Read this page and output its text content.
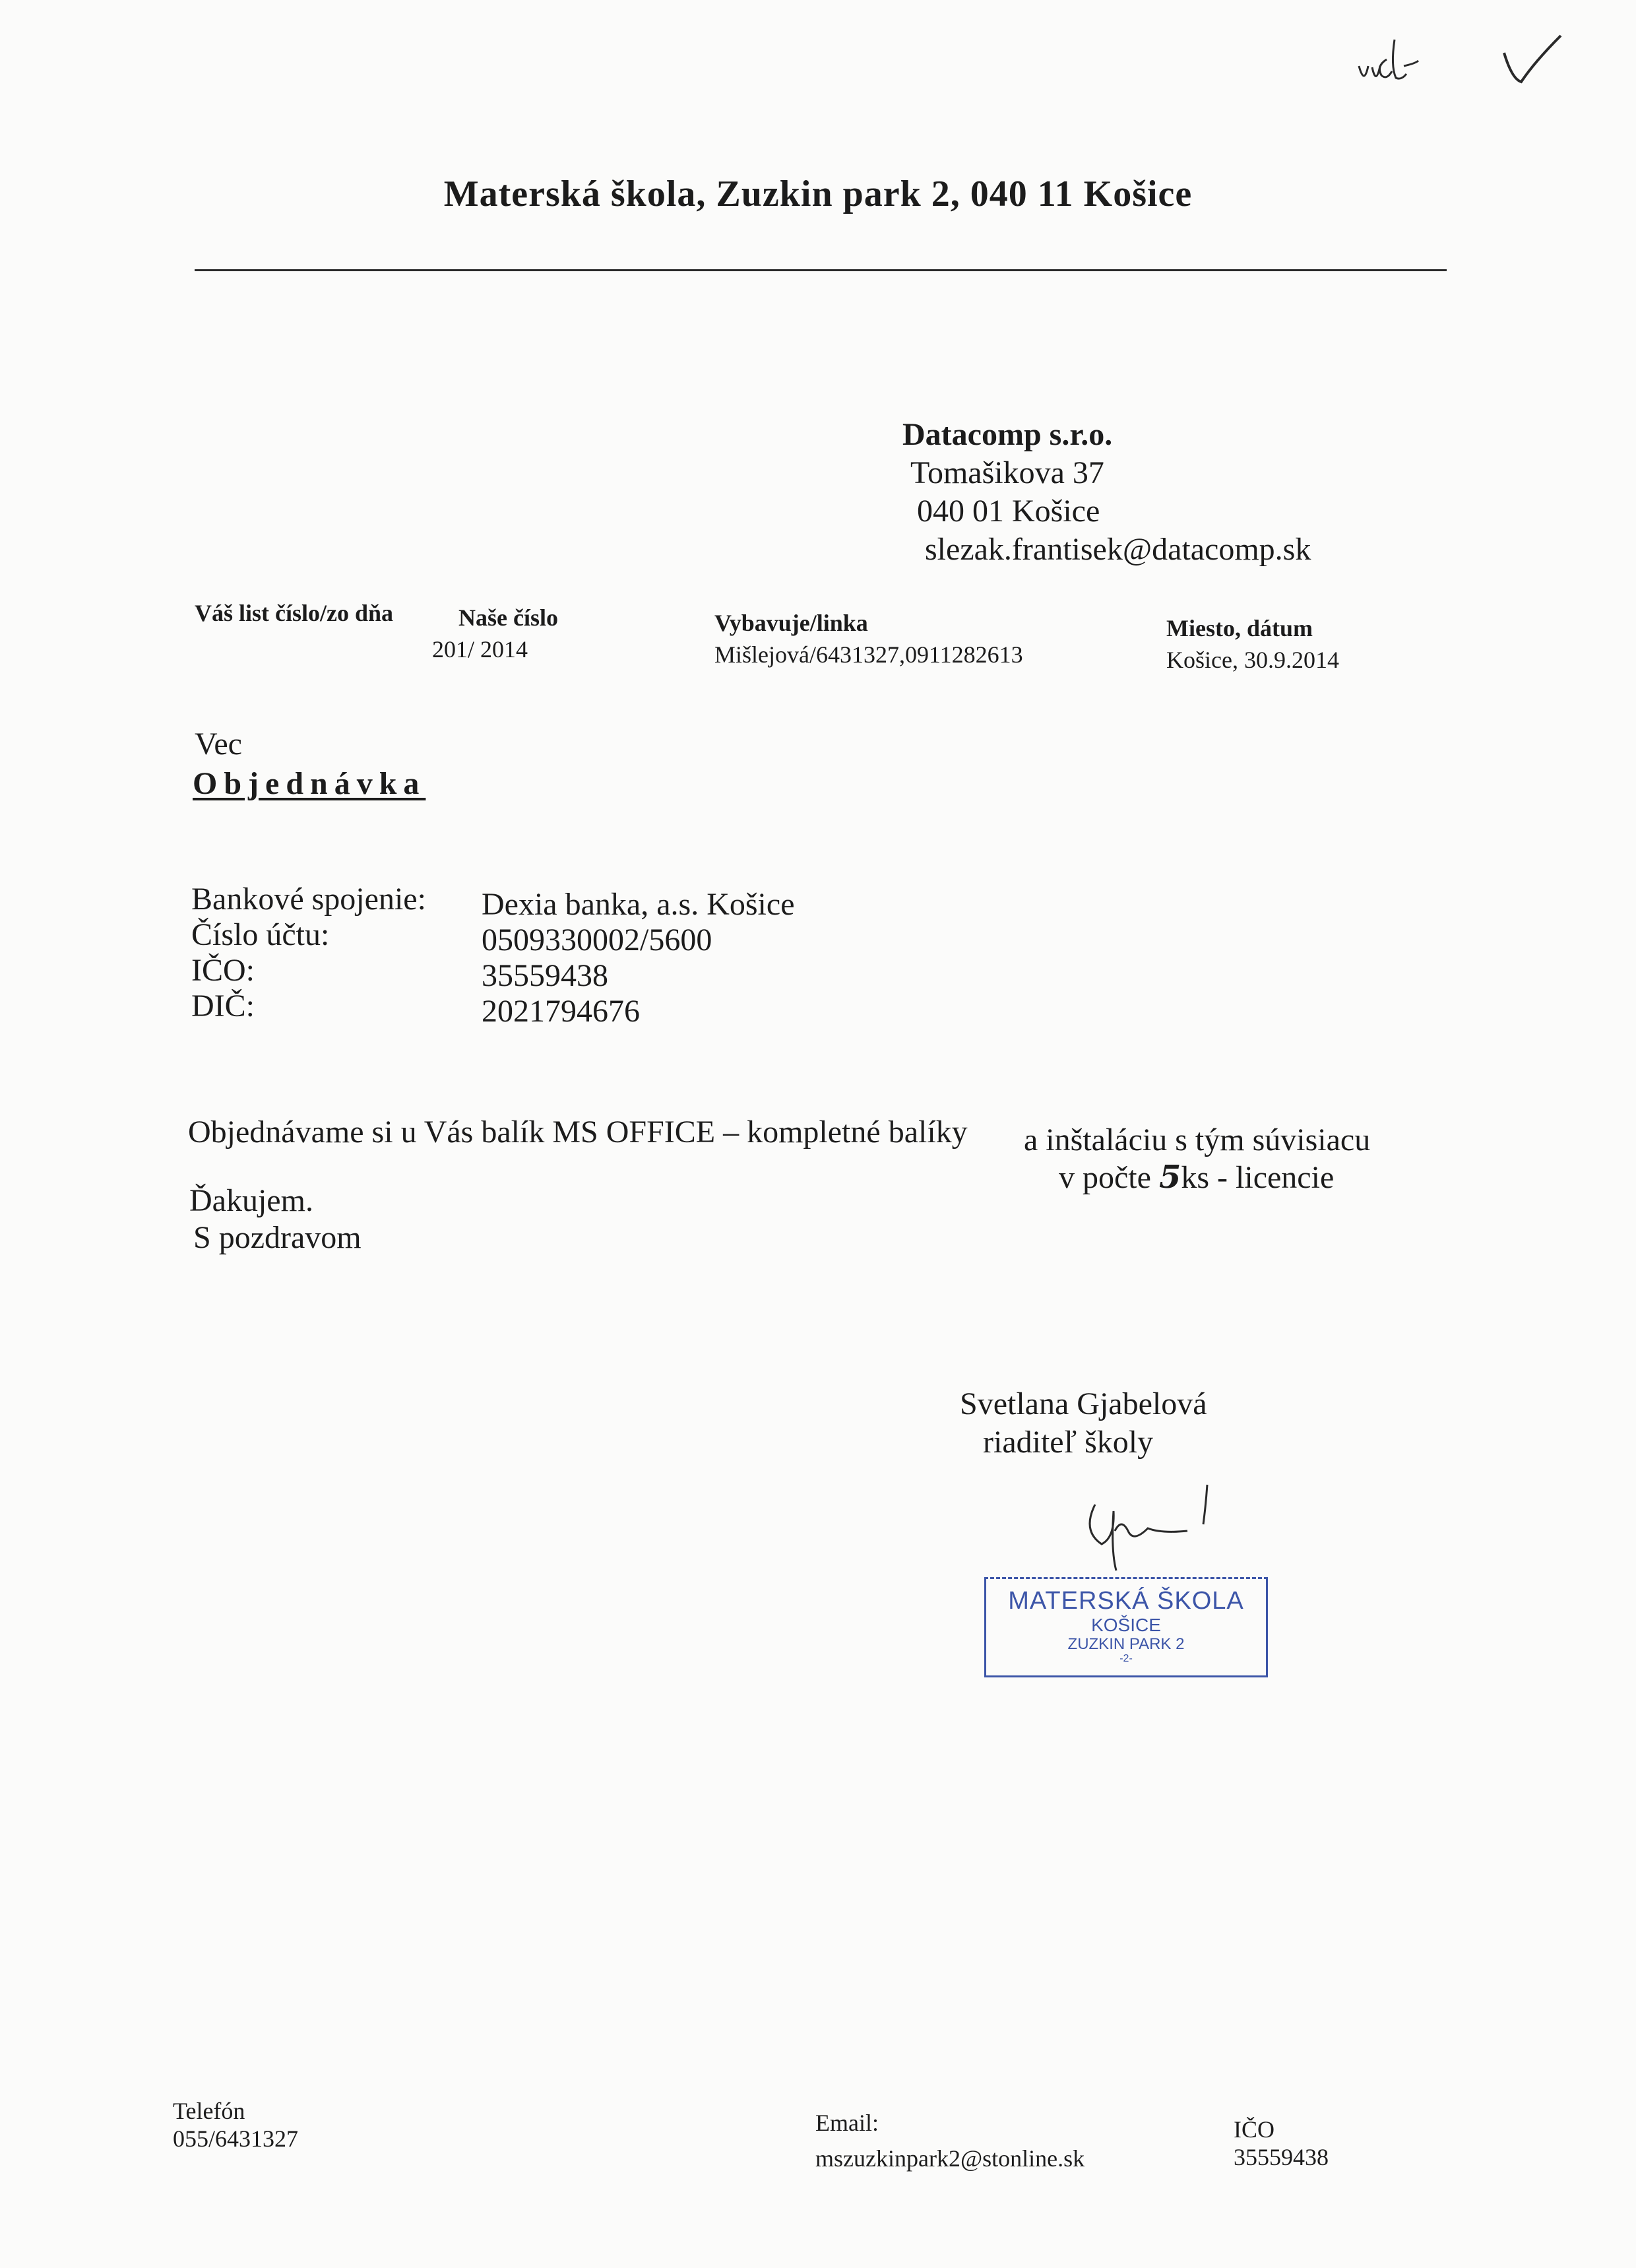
Materská škola, Zuzkin park 2, 040 11 Košice
Datacomp s.r.o.
Tomašikova 37
040 01 Košice
slezak.frantisek@datacomp.sk
Váš list číslo/zo dňa	Naše číslo
201/ 2014
Vybavuje/linka
Mišlejová/6431327,0911282613
Miesto, dátum
Košice, 30.9.2014
Vec
Objednávka
Bankové spojenie:
Číslo účtu:
IČO:
DIČ:
Dexia banka, a.s. Košice
0509330002/5600
35559438
2021794676
Objednávame si u Vás balík MS OFFICE – kompletné balíky a inštaláciu s tým súvisiacu
v počte 5ks - licencie
Ďakujem.
S pozdravom
Svetlana Gjabelová
riaditeľ školy
MATERSKÁ ŠKOLA
KOŠICE
ZUZKIN PARK 2
-2-
Telefón
055/6431327
Email:
mszuzkinpark2@stonline.sk
IČO
35559438
